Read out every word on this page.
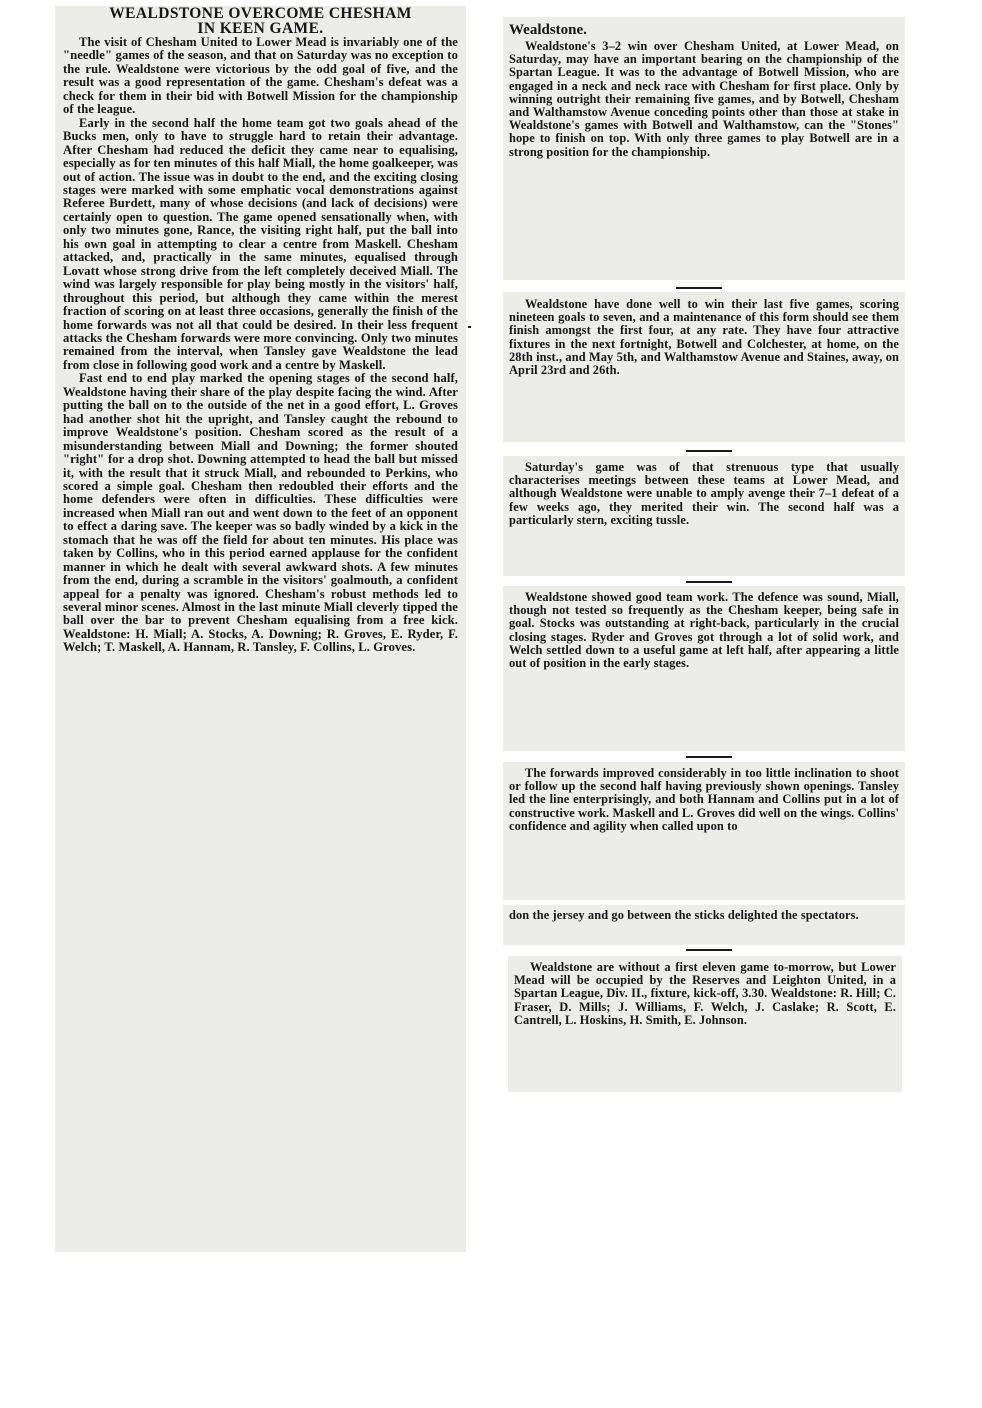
WEALDSTONE OVERCOME CHESHAM
IN KEEN GAME.

The visit of Chesham United to Lower Mead is invariably one of the "needle" games of the season, and that on Saturday was no exception to the rule. Wealdstone were victorious by the odd goal of five, and the result was a good representation of the game. Chesham's defeat was a check for them in their bid with Botwell Mission for the championship of the league.

Early in the second half the home team got two goals ahead of the Bucks men, only to have to struggle hard to retain their advantage. After Chesham had reduced the deficit they came near to equalising, especially as for ten minutes of this half Miall, the home goalkeeper, was out of action. The issue was in doubt to the end, and the exciting closing stages were marked with some emphatic vocal demonstrations against Referee Burdett, many of whose decisions (and lack of decisions) were certainly open to question. The game opened sensationally when, with only two minutes gone, Rance, the visiting right half, put the ball into his own goal in attempting to clear a centre from Maskell. Chesham attacked, and, practically in the same minutes, equalised through Lovatt whose strong drive from the left completely deceived Miall. The wind was largely responsible for play being mostly in the visitors' half, throughout this period, but although they came within the merest fraction of scoring on at least three occasions, generally the finish of the home forwards was not all that could be desired. In their less frequent attacks the Chesham forwards were more convincing. Only two minutes remained from the interval, when Tansley gave Wealdstone the lead from close in following good work and a centre by Maskell.

Fast end to end play marked the opening stages of the second half, Wealdstone having their share of the play despite facing the wind. After putting the ball on to the outside of the net in a good effort, L. Groves had another shot hit the upright, and Tansley caught the rebound to improve Wealdstone's position. Chesham scored as the result of a misunderstanding between Miall and Downing; the former shouted "right" for a drop shot. Downing attempted to head the ball but missed it, with the result that it struck Miall, and rebounded to Perkins, who scored a simple goal. Chesham then redoubled their efforts and the home defenders were often in difficulties. These difficulties were increased when Miall ran out and went down to the feet of an opponent to effect a daring save. The keeper was so badly winded by a kick in the stomach that he was off the field for about ten minutes. His place was taken by Collins, who in this period earned applause for the confident manner in which he dealt with several awkward shots. A few minutes from the end, during a scramble in the visitors' goalmouth, a confident appeal for a penalty was ignored. Chesham's robust methods led to several minor scenes. Almost in the last minute Miall cleverly tipped the ball over the bar to prevent Chesham equalising from a free kick. Wealdstone: H. Miall; A. Stocks, A. Downing; R. Groves, E. Ryder, F. Welch; T. Maskell, A. Hannam, R. Tansley, F. Collins, L. Groves.

Wealdstone.

Wealdstone's 3–2 win over Chesham United, at Lower Mead, on Saturday, may have an important bearing on the championship of the Spartan League. It was to the advantage of Botwell Mission, who are engaged in a neck and neck race with Chesham for first place. Only by winning outright their remaining five games, and by Botwell, Chesham and Walthamstow Avenue conceding points other than those at stake in Wealdstone's games with Botwell and Walthamstow, can the "Stones" hope to finish on top. With only three games to play Botwell are in a strong position for the championship.

Wealdstone have done well to win their last five games, scoring nineteen goals to seven, and a maintenance of this form should see them finish amongst the first four, at any rate. They have four attractive fixtures in the next fortnight, Botwell and Colchester, at home, on the 28th inst., and May 5th, and Walthamstow Avenue and Staines, away, on April 23rd and 26th.

Saturday's game was of that strenuous type that usually characterises meetings between these teams at Lower Mead, and although Wealdstone were unable to amply avenge their 7–1 defeat of a few weeks ago, they merited their win. The second half was a particularly stern, exciting tussle.

Wealdstone showed good team work. The defence was sound, Miall, though not tested so frequently as the Chesham keeper, being safe in goal. Stocks was outstanding at right-back, particularly in the crucial closing stages. Ryder and Groves got through a lot of solid work, and Welch settled down to a useful game at left half, after appearing a little out of position in the early stages.

The forwards improved considerably in too little inclination to shoot or follow up the second half having previously shown openings. Tansley led the line enterprisingly, and both Hannam and Collins put in a lot of constructive work. Maskell and L. Groves did well on the wings. Collins' confidence and agility when called upon to

don the jersey and go between the sticks delighted the spectators.

Wealdstone are without a first eleven game to-morrow, but Lower Mead will be occupied by the Reserves and Leighton United, in a Spartan League, Div. II., fixture, kick-off, 3.30. Wealdstone: R. Hill; C. Fraser, D. Mills; J. Williams, F. Welch, J. Caslake; R. Scott, E. Cantrell, L. Hoskins, H. Smith, E. Johnson.
